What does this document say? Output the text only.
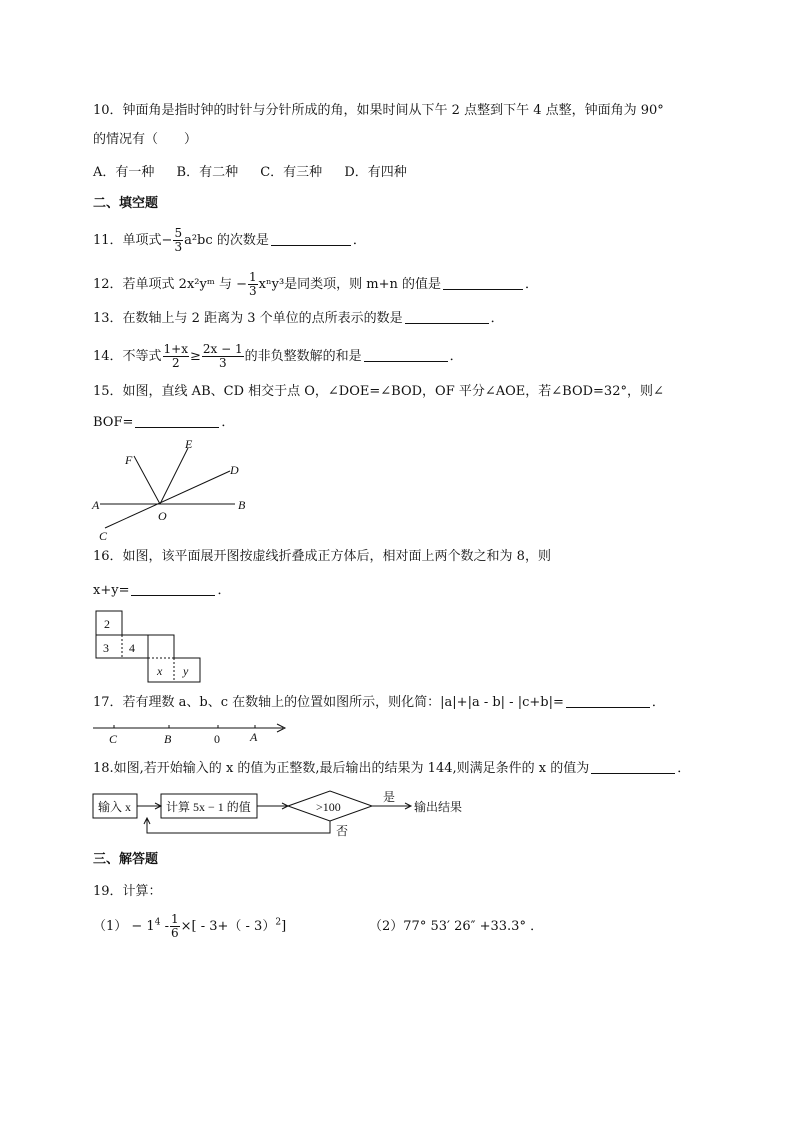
10．钟面角是指时钟的时针与分针所成的角，如果时间从下午 2 点整到下午 4 点整，钟面角为 90°
的情况有（　　）
A．有一种 B．有二种 C．有三种 D．有四种
二、填空题
11．单项式− $\frac{5}{3} a^2bc$ 的次数是	．
12．若单项式 2x²yᵐ 与 − $\frac{1}{3} x^ny^3$是同类项，则 m+n 的值是	．
13．在数轴上与 2 距离为 3 个单位的点所表示的数是	．
14．不等式 $\frac{1+x}{2} \ge \frac{2x - 1}{3}$ 的非负整数解的和是	．
15．如图，直线 AB、CD 相交于点 O，∠DOE=∠BOD，OF 平分∠AOE，若∠BOD=32°，则∠
BOF=	．
A	B
C
D
E
F
O
16．如图，该平面展开图按虚线折叠成正方体后，相对面上两个数之和为 8，则
x+y=	．
2
3 4
x y
17．若有理数 a、b、c 在数轴上的位置如图所示，则化简：|a|+|a - b| - |c+b|=	．
C	B	0	A
18.如图,若开始输入的 x 的值为正整数,最后输出的结果为 144,则满足条件的 x 的值为	．
输入 x	计算 5x − 1 的值	>100
是
输出结果
否
三、解答题
19．计算：
$(1) - 1^4 - \frac{1}{6}$ ×[ - 3+（ - 3）$^2$]	（2）77° 53′ 26″ +33.3° ．
